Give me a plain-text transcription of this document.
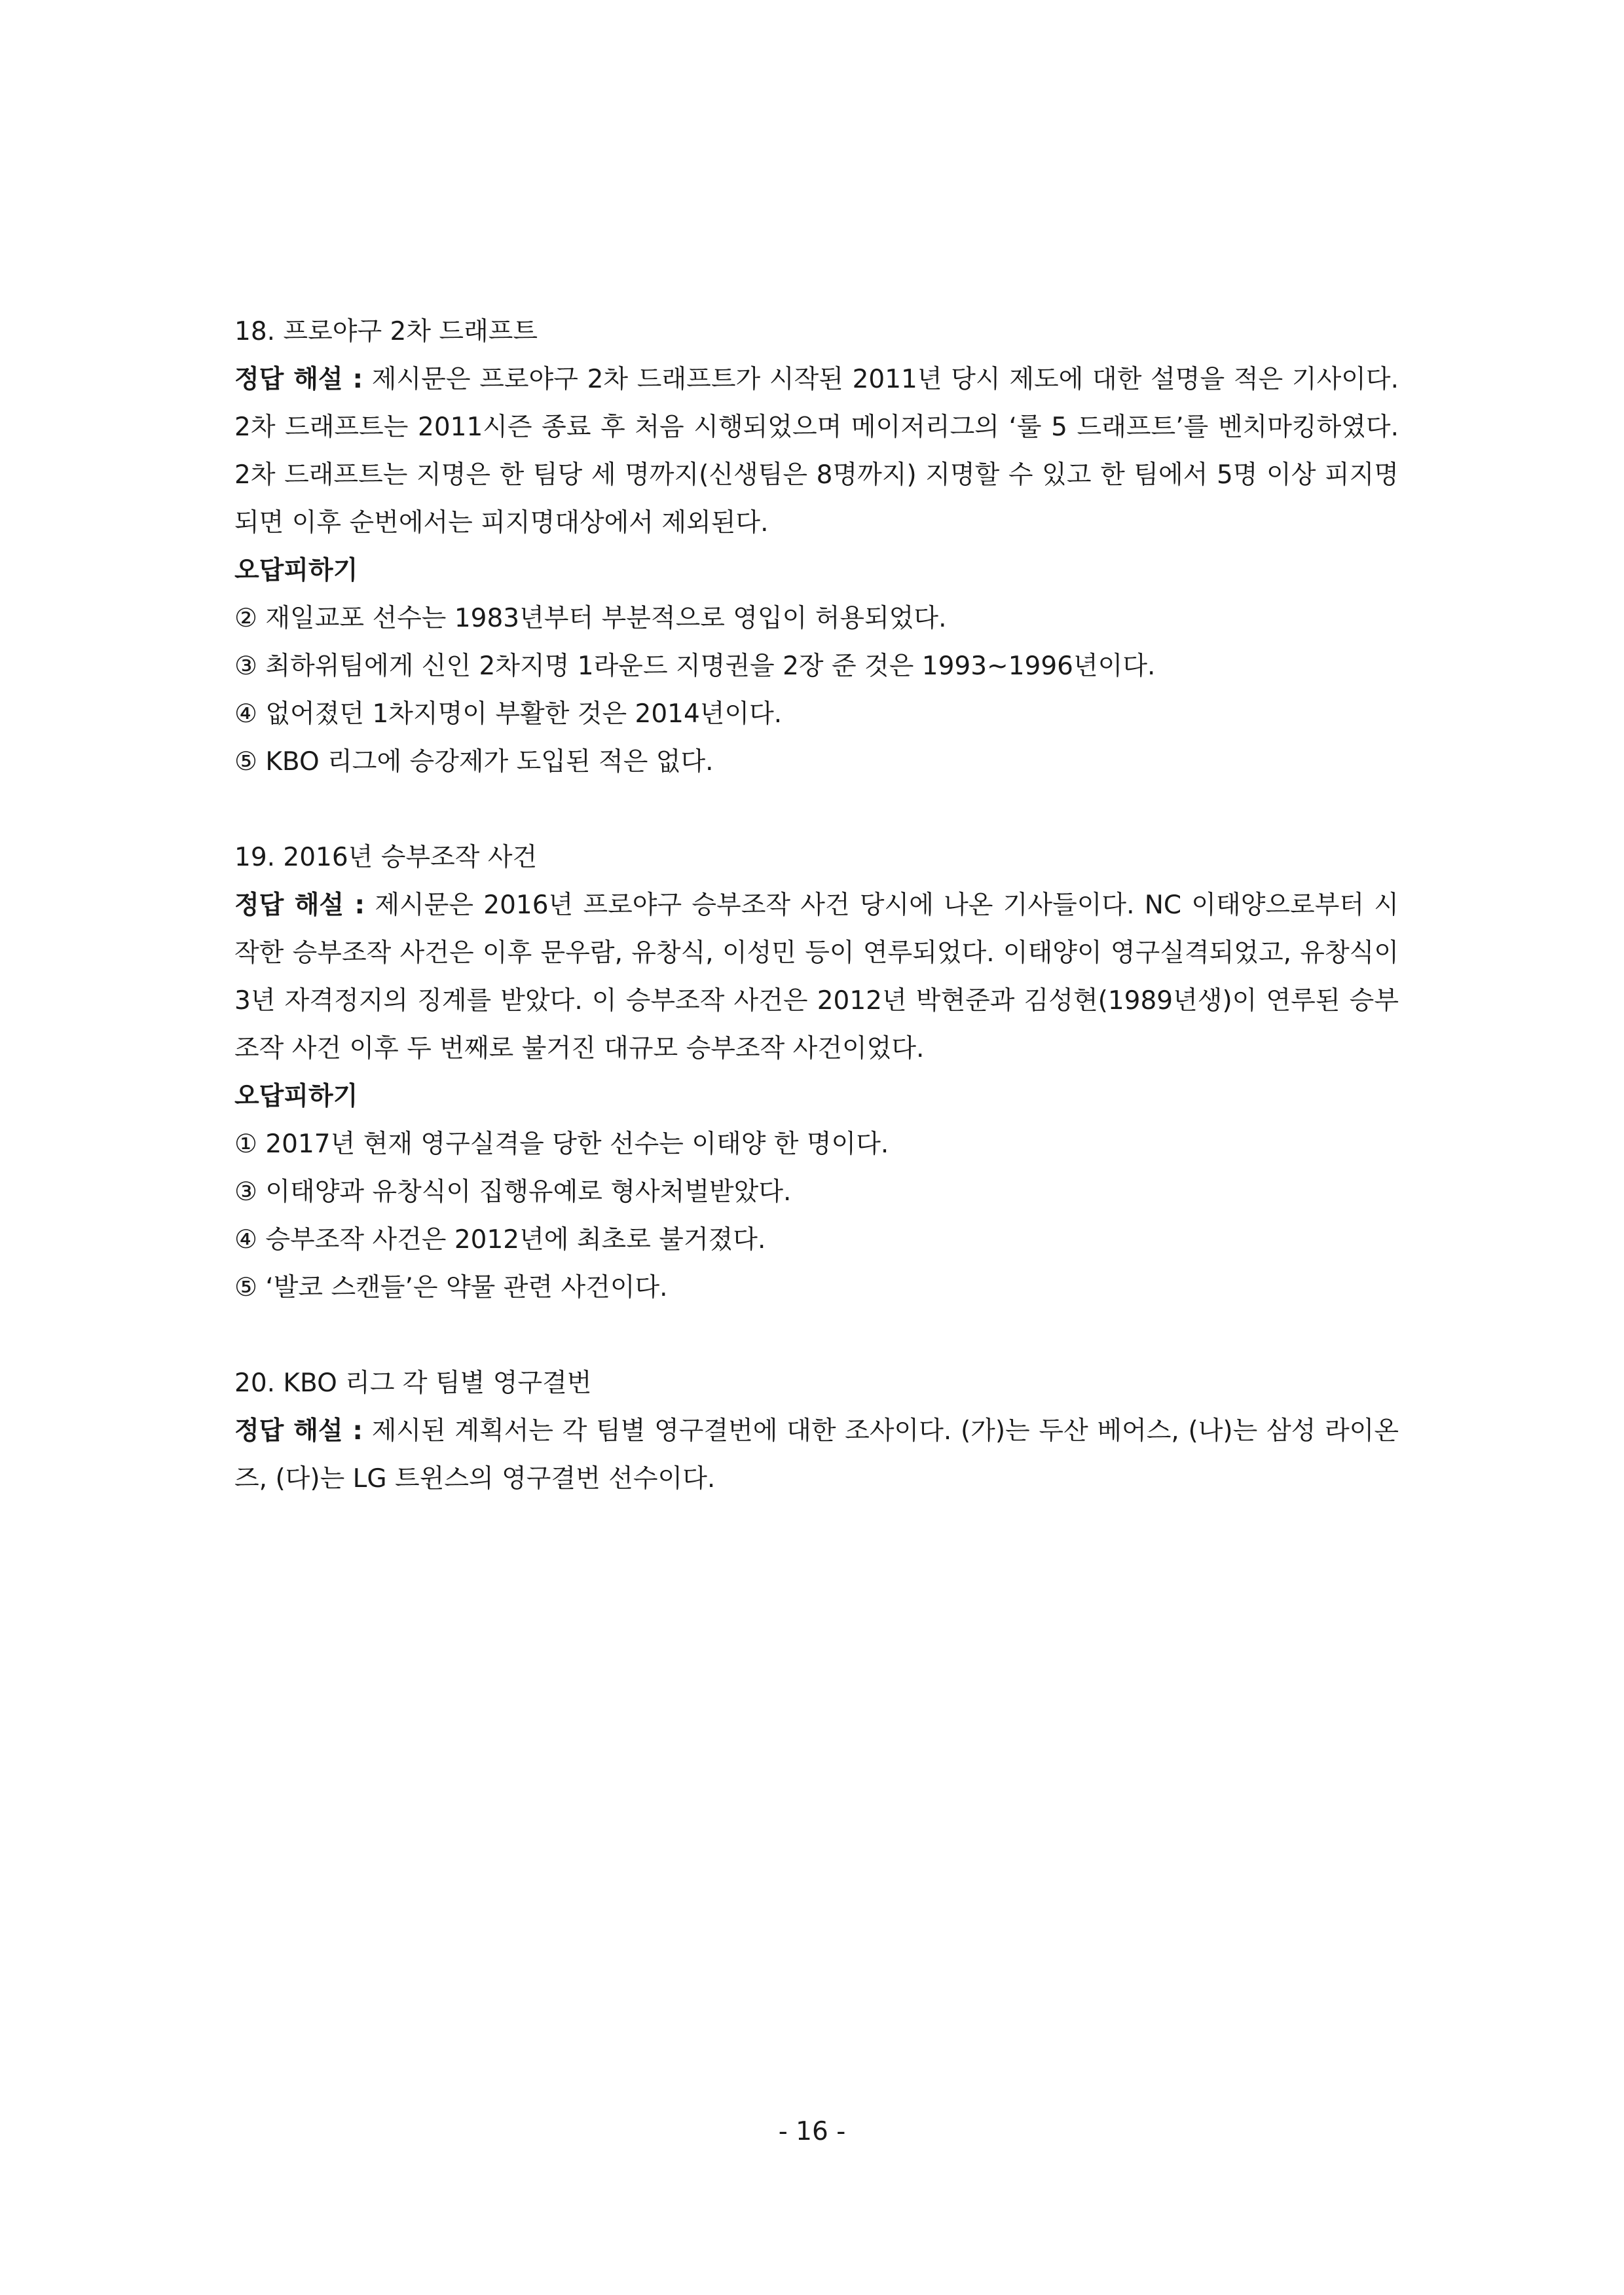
18. 프로야구 2차 드래프트

정답 해설 : 제시문은 프로야구 2차 드래프트가 시작된 2011년 당시 제도에 대한 설명을 적은 기사이다. 2차 드래프트는 2011시즌 종료 후 처음 시행되었으며 메이저리그의 ‘룰 5 드래프트’를 벤치마킹하였다. 2차 드래프트는 지명은 한 팀당 세 명까지(신생팀은 8명까지) 지명할 수 있고 한 팀에서 5명 이상 피지명되면 이후 순번에서는 피지명대상에서 제외된다.

오답피하기

② 재일교포 선수는 1983년부터 부분적으로 영입이 허용되었다.
③ 최하위팀에게 신인 2차지명 1라운드 지명권을 2장 준 것은 1993~1996년이다.
④ 없어졌던 1차지명이 부활한 것은 2014년이다.
⑤ KBO 리그에 승강제가 도입된 적은 없다.

19. 2016년 승부조작 사건

정답 해설 : 제시문은 2016년 프로야구 승부조작 사건 당시에 나온 기사들이다. NC 이태양으로부터 시작한 승부조작 사건은 이후 문우람, 유창식, 이성민 등이 연루되었다. 이태양이 영구실격되었고, 유창식이 3년 자격정지의 징계를 받았다. 이 승부조작 사건은 2012년 박현준과 김성현(1989년생)이 연루된 승부조작 사건 이후 두 번째로 불거진 대규모 승부조작 사건이었다.

오답피하기

① 2017년 현재 영구실격을 당한 선수는 이태양 한 명이다.
③ 이태양과 유창식이 집행유예로 형사처벌받았다.
④ 승부조작 사건은 2012년에 최초로 불거졌다.
⑤ ‘발코 스캔들’은 약물 관련 사건이다.

20. KBO 리그 각 팀별 영구결번

정답 해설 : 제시된 계획서는 각 팀별 영구결번에 대한 조사이다. (가)는 두산 베어스, (나)는 삼성 라이온즈, (다)는 LG 트윈스의 영구결번 선수이다.

- 16 -
